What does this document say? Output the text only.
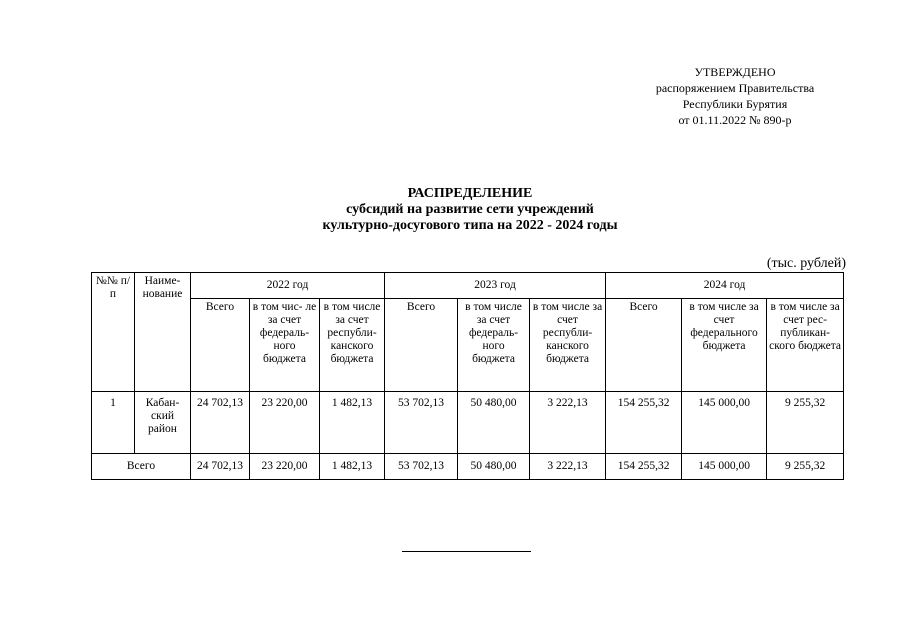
УТВЕРЖДЕНО
распоряжением Правительства
Республики Бурятия
от 01.11.2022 № 890-р
РАСПРЕДЕЛЕНИЕ
субсидий на развитие сети учреждений
культурно-досугового типа на 2022 - 2024 годы
(тыс. рублей)
№№ п/п	Наиме- нование	2022 год			2023 год			2024 год		
		Всего	в том чис- ле за счет федераль- ного бюджета	в том числе за счет республи- канского бюджета	Всего	в том числе за счет федераль- ного бюджета	в том числе за счет республи- канского бюджета	Всего	в том числе за счет федерального бюджета	в том числе за счет рес- публикан- ского бюджета
1	Кабан- ский район	24 702,13	23 220,00	1 482,13	53 702,13	50 480,00	3 222,13	154 255,32	145 000,00	9 255,32
Всего		24 702,13	23 220,00	1 482,13	53 702,13	50 480,00	3 222,13	154 255,32	145 000,00	9 255,32
